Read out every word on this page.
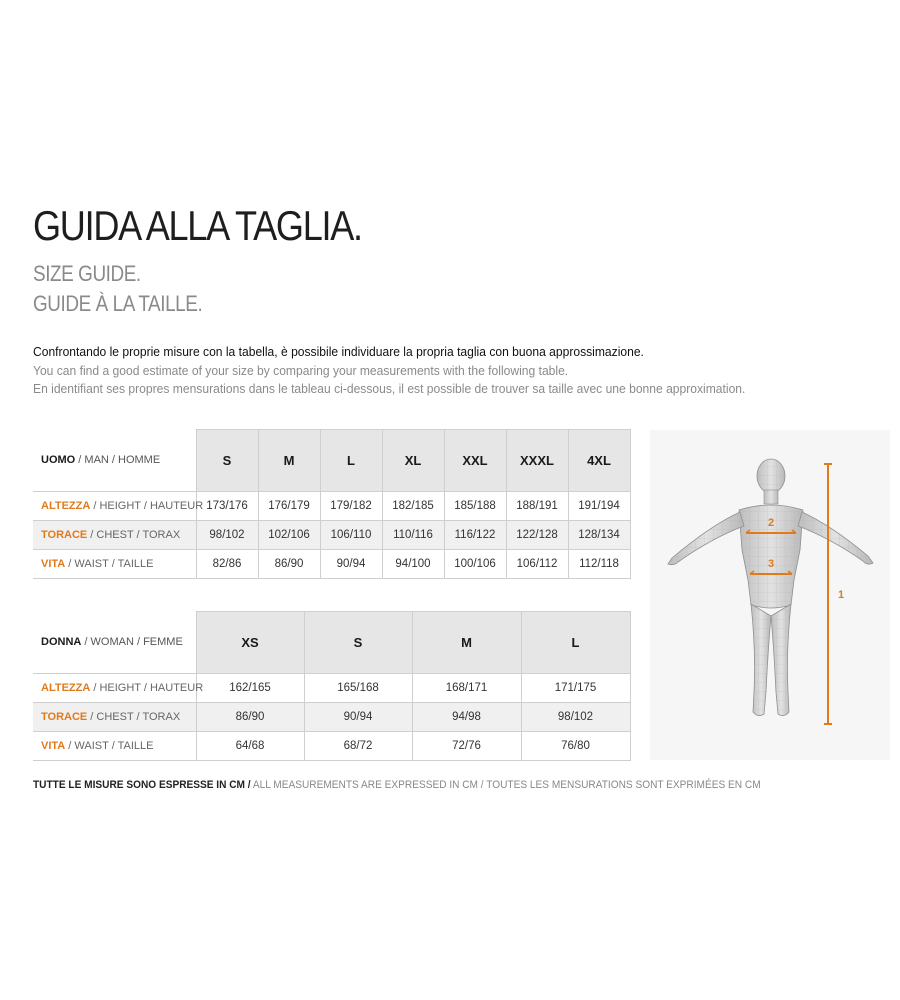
GUIDA ALLA TAGLIA.
SIZE GUIDE.
GUIDE À LA TAILLE.
Confrontando le proprie misure con la tabella, è possibile individuare la propria taglia con buona approssimazione.
You can find a good estimate of your size by comparing your measurements with the following table.
En identifiant ses propres mensurations dans le tableau ci-dessous, il est possible de trouver sa taille avec une bonne approximation.
UOMO / MAN / HOMME	S	M	L	XL	XXL	XXXL	4XL
ALTEZZA / HEIGHT / HAUTEUR	173/176	176/179	179/182	182/185	185/188	188/191	191/194
TORACE / CHEST / TORAX	98/102	102/106	106/110	110/116	116/122	122/128	128/134
VITA / WAIST / TAILLE	82/86	86/90	90/94	94/100	100/106	106/112	112/118
DONNA / WOMAN / FEMME	XS	S	M	L
ALTEZZA / HEIGHT / HAUTEUR	162/165	165/168	168/171	171/175
TORACE / CHEST / TORAX	86/90	90/94	94/98	98/102
VITA / WAIST / TAILLE	64/68	68/72	72/76	76/80
TUTTE LE MISURE SONO ESPRESSE IN CM / ALL MEASUREMENTS ARE EXPRESSED IN CM / TOUTES LES MENSURATIONS SONT EXPRIMÉES EN CM
2
3
1
